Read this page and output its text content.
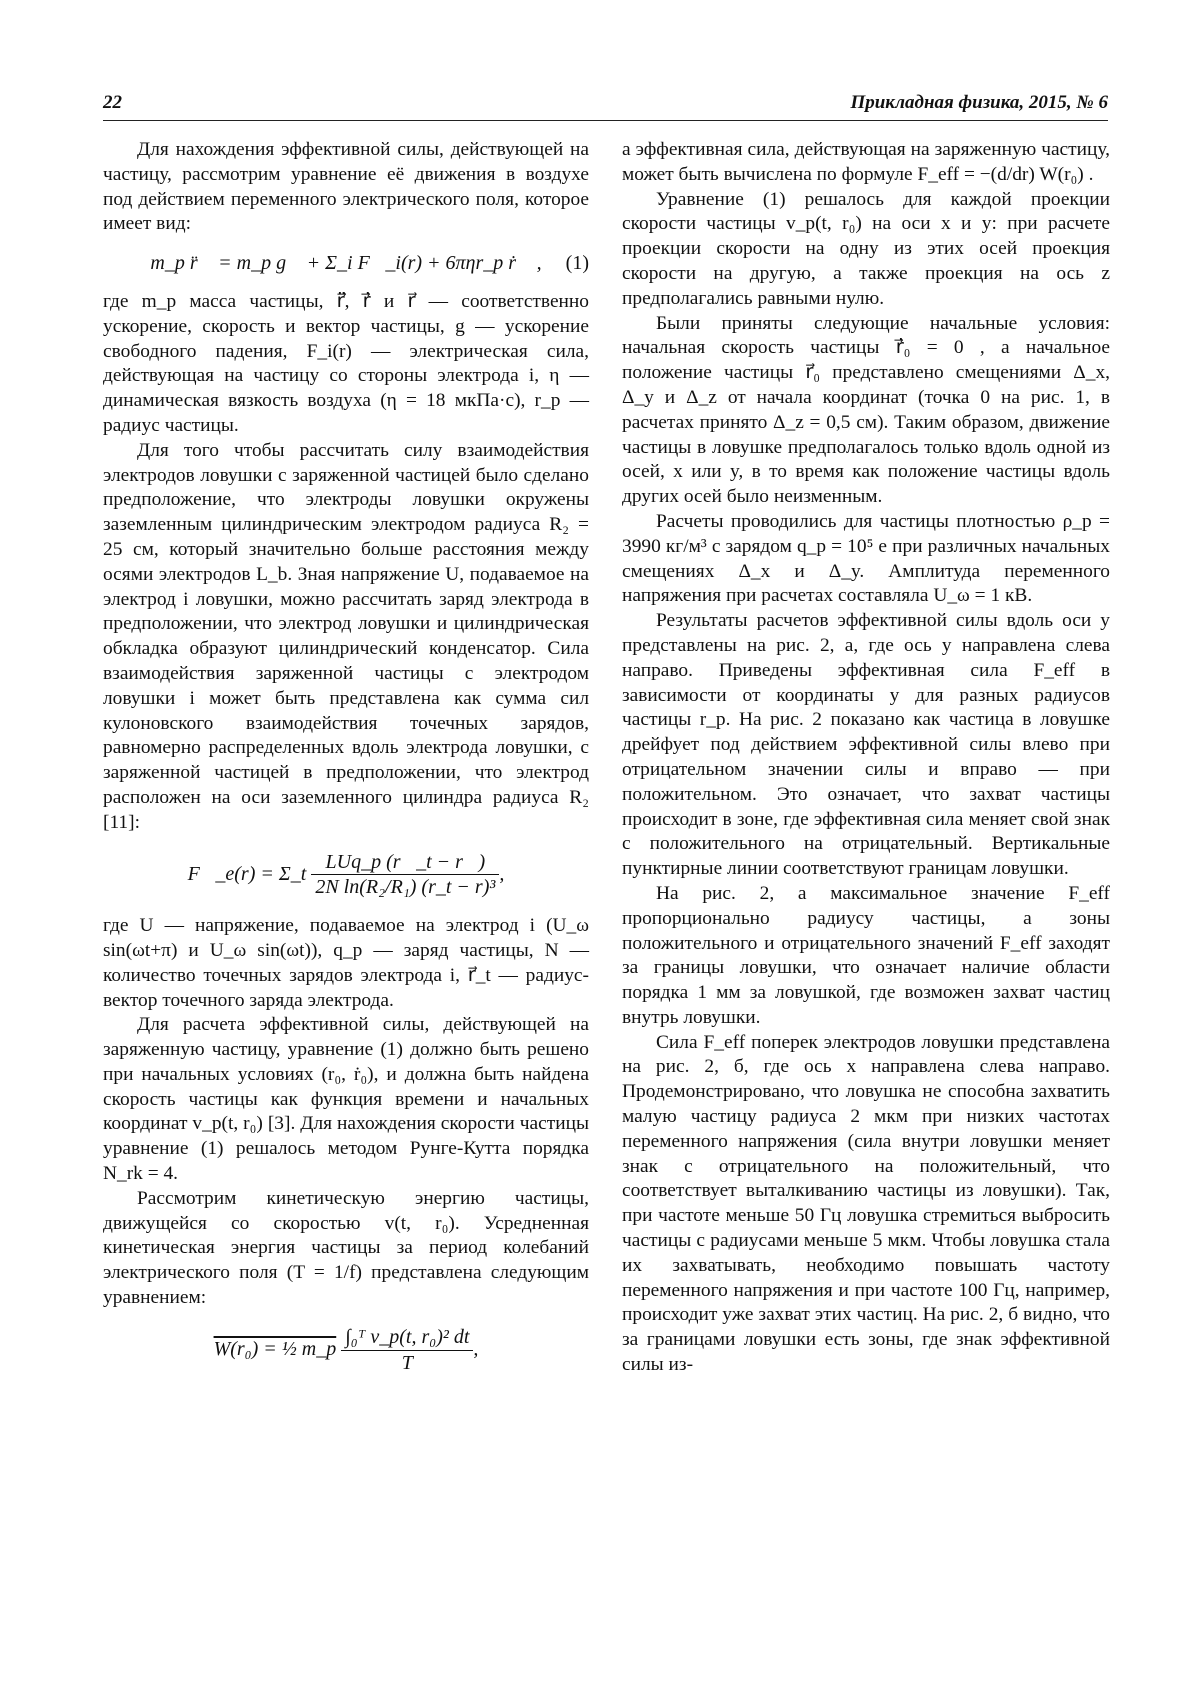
22	Прикладная физика, 2015, № 6

Для нахождения эффективной силы, действующей на частицу, рассмотрим уравнение её движения в воздухе под действием переменного электрического поля, которое имеет вид:

m_p r̈⃗ = m_p g⃗ + Σ_i F⃗_i(r) + 6πηr_p ṙ⃗ , (1)

где m_p масса частицы, r̈⃗, ṙ⃗ и r⃗ — соответственно ускорение, скорость и вектор частицы, g — ускорение свободного падения, F_i(r) — электрическая сила, действующая на частицу со стороны электрода i, η — динамическая вязкость воздуха (η = 18 мкПа·с), r_p — радиус частицы.

Для того чтобы рассчитать силу взаимодействия электродов ловушки с заряженной частицей было сделано предположение, что электроды ловушки окружены заземленным цилиндрическим электродом радиуса R₂ = 25 см, который значительно больше расстояния между осями электродов L_b. Зная напряжение U, подаваемое на электрод i ловушки, можно рассчитать заряд электрода в предположении, что электрод ловушки и цилиндрическая обкладка образуют цилиндрический конденсатор. Сила взаимодействия заряженной частицы с электродом ловушки i может быть представлена как сумма сил кулоновского взаимодействия точечных зарядов, равномерно распределенных вдоль электрода ловушки, с заряженной частицей в предположении, что электрод расположен на оси заземленного цилиндра радиуса R₂ [11]:

F⃗_e(r) = Σ_t $\frac{\text{LUq\_p (r⃗\_t − r⃗)}}{\text{2N ln(R₂/R₁) (r\_t − r)³}}$ ,

где U — напряжение, подаваемое на электрод i (U_ω sin(ωt+π) и U_ω sin(ωt)), q_p — заряд частицы, N — количество точечных зарядов электрода i, r⃗_t — радиус-вектор точечного заряда электрода.

Для расчета эффективной силы, действующей на заряженную частицу, уравнение (1) должно быть решено при начальных условиях (r₀, ṙ₀), и должна быть найдена скорость частицы как функция времени и начальных координат v_p(t, r₀) [3]. Для нахождения скорости частицы уравнение (1) решалось методом Рунге-Кутта порядка N_rk = 4.

Рассмотрим кинетическую энергию частицы, движущейся со скоростью v(t, r₀). Усредненная кинетическая энергия частицы за период колебаний электрического поля (T = 1/f) представлена следующим уравнением:

W(r₀) = ½ m_p $\frac{\text{∫₀ᵀ v\_p(t, r₀)² dt}}{T}$ ,

а эффективная сила, действующая на заряженную частицу, может быть вычислена по формуле F_eff = −(d/dr) W(r₀) .

Уравнение (1) решалось для каждой проекции скорости частицы v_p(t, r₀) на оси x и y: при расчете проекции скорости на одну из этих осей проекция скорости на другую, а также проекция на ось z предполагались равными нулю.

Были приняты следующие начальные условия: начальная скорость частицы ṙ⃗₀ = 0 , а начальное положение частицы r⃗₀ представлено смещениями Δ_x, Δ_y и Δ_z от начала координат (точка 0 на рис. 1, в расчетах принято Δ_z = 0,5 см). Таким образом, движение частицы в ловушке предполагалось только вдоль одной из осей, x или y, в то время как положение частицы вдоль других осей было неизменным.

Расчеты проводились для частицы плотностью ρ_p = 3990 кг/м³ с зарядом q_p = 10⁵ e при различных начальных смещениях Δ_x и Δ_y. Амплитуда переменного напряжения при расчетах составляла U_ω = 1 кВ.

Результаты расчетов эффективной силы вдоль оси y представлены на рис. 2, а, где ось y направлена слева направо. Приведены эффективная сила F_eff в зависимости от координаты y для разных радиусов частицы r_p. На рис. 2 показано как частица в ловушке дрейфует под действием эффективной силы влево при отрицательном значении силы и вправо — при положительном. Это означает, что захват частицы происходит в зоне, где эффективная сила меняет свой знак с положительного на отрицательный. Вертикальные пунктирные линии соответствуют границам ловушки.

На рис. 2, а максимальное значение F_eff пропорционально радиусу частицы, а зоны положительного и отрицательного значений F_eff заходят за границы ловушки, что означает наличие области порядка 1 мм за ловушкой, где возможен захват частиц внутрь ловушки.

Сила F_eff поперек электродов ловушки представлена на рис. 2, б, где ось x направлена слева направо. Продемонстрировано, что ловушка не способна захватить малую частицу радиуса 2 мкм при низких частотах переменного напряжения (сила внутри ловушки меняет знак с отрицательного на положительный, что соответствует выталкиванию частицы из ловушки). Так, при частоте меньше 50 Гц ловушка стремиться выбросить частицы с радиусами меньше 5 мкм. Чтобы ловушка стала их захватывать, необходимо повышать частоту переменного напряжения и при частоте 100 Гц, например, происходит уже захват этих частиц. На рис. 2, б видно, что за границами ловушки есть зоны, где знак эффективной силы из-
